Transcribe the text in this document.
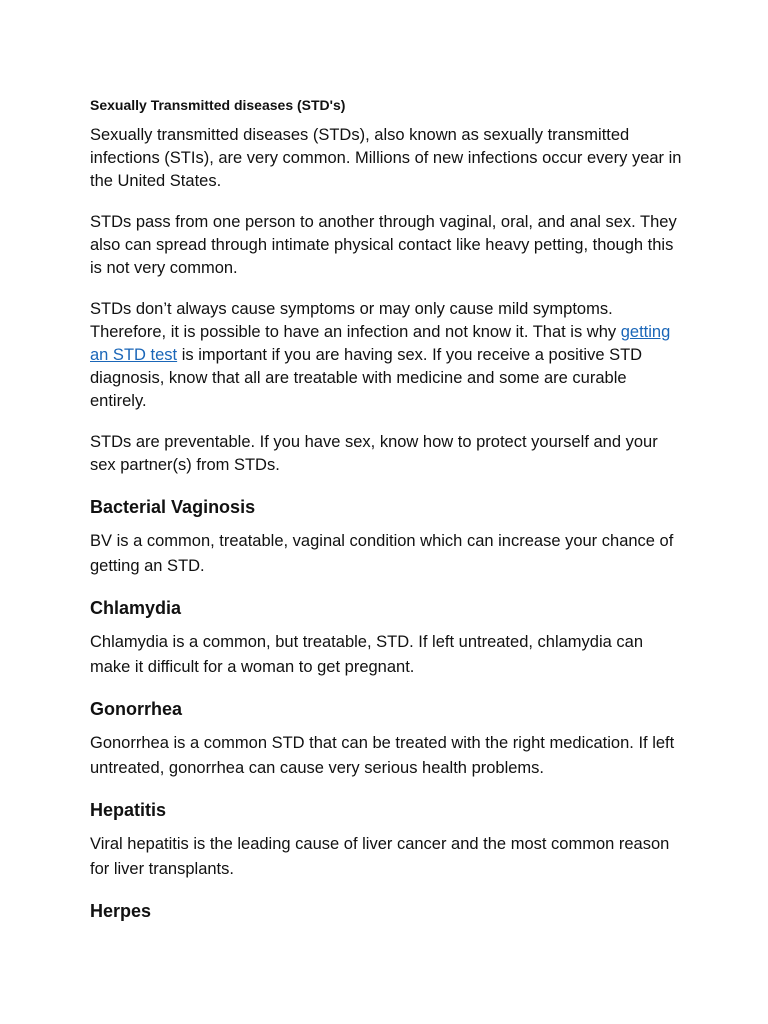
Sexually Transmitted diseases (STD's)

Sexually transmitted diseases (STDs), also known as sexually transmitted infections (STIs), are very common. Millions of new infections occur every year in the United States.

STDs pass from one person to another through vaginal, oral, and anal sex. They also can spread through intimate physical contact like heavy petting, though this is not very common.

STDs don’t always cause symptoms or may only cause mild symptoms. Therefore, it is possible to have an infection and not know it. That is why getting an STD test is important if you are having sex. If you receive a positive STD diagnosis, know that all are treatable with medicine and some are curable entirely.

STDs are preventable. If you have sex, know how to protect yourself and your sex partner(s) from STDs.

Bacterial Vaginosis

BV is a common, treatable, vaginal condition which can increase your chance of getting an STD.

Chlamydia

Chlamydia is a common, but treatable, STD. If left untreated, chlamydia can make it difficult for a woman to get pregnant.

Gonorrhea

Gonorrhea is a common STD that can be treated with the right medication. If left untreated, gonorrhea can cause very serious health problems.

Hepatitis

Viral hepatitis is the leading cause of liver cancer and the most common reason for liver transplants.

Herpes
